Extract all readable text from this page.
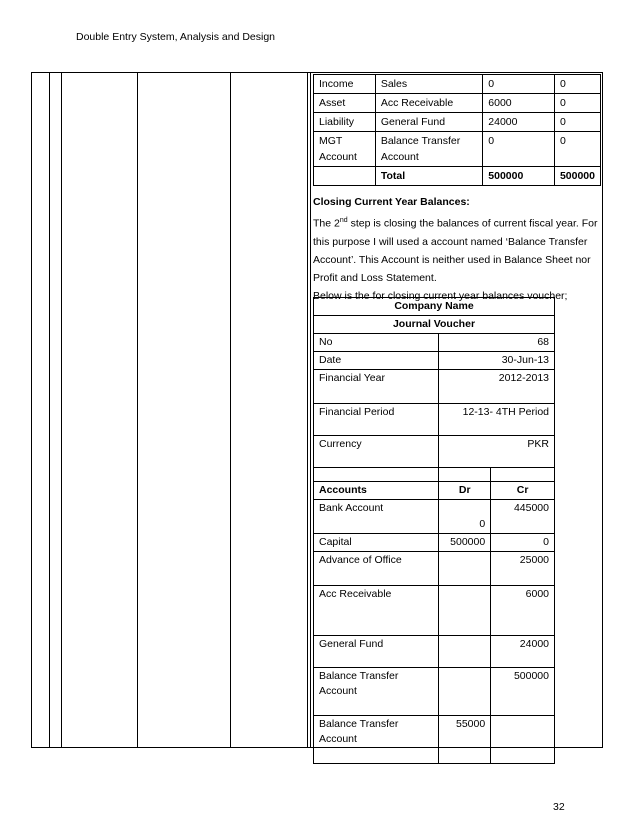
Double Entry System, Analysis and Design
Income	Sales	0	0
Asset	Acc Receivable	6000	0
Liability	General Fund	24000	0
MGT Account	Balance Transfer Account	0	0
	Total	500000	500000
Closing Current Year Balances:
The 2nd step is closing the balances of current fiscal year. For this purpose I will used a account named ‘Balance Transfer Account’. This Account is neither used in Balance Sheet nor Profit and Loss Statement.
Below is the for closing current year balances voucher;
Company Name		
Journal Voucher		
No	68	
Date	30-Jun-13	
Financial Year	2012-2013	
Financial Period	12-13- 4TH Period	
Currency	PKR	

Accounts	Dr	Cr
Bank Account	0	445000
Capital	500000	0
Advance of Office		25000
Acc Receivable		6000
General Fund		24000
Balance Transfer Account		500000
Balance Transfer Account	55000	
32
